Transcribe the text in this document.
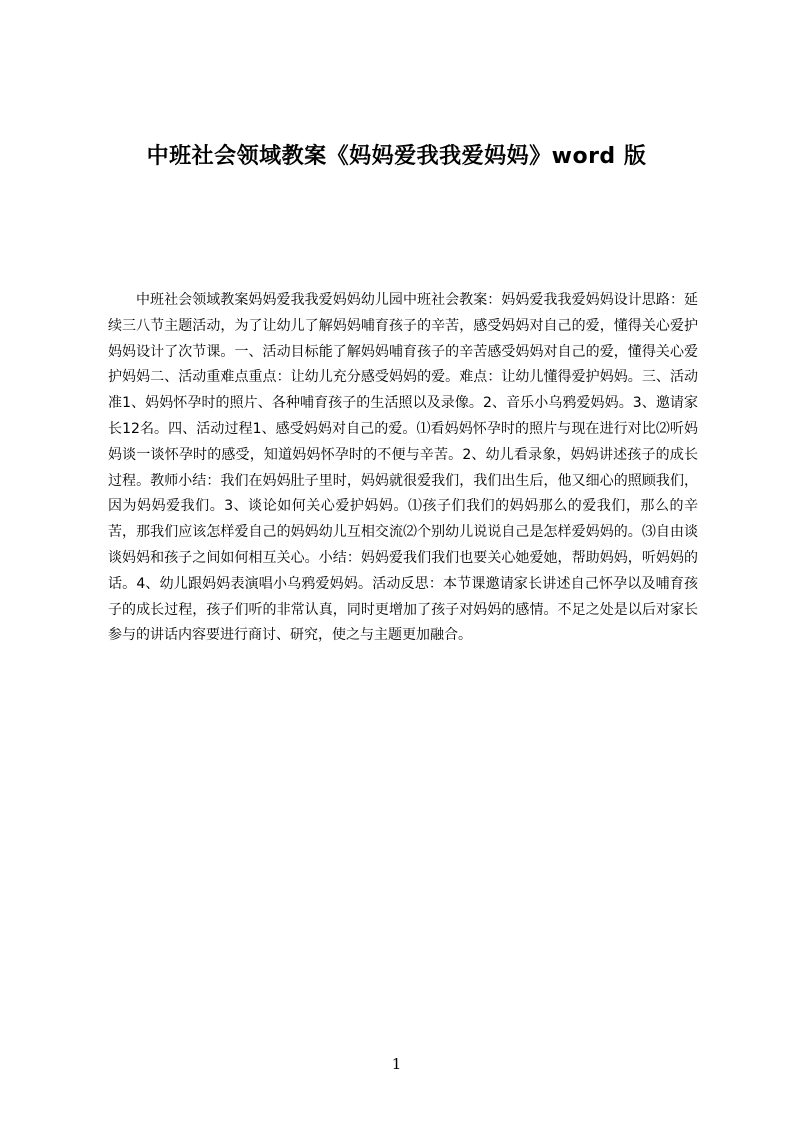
中班社会领域教案《妈妈爱我我爱妈妈》word 版
中班社会领域教案妈妈爱我我爱妈妈幼儿园中班社会教案：妈妈爱我我爱妈妈设计思路：延续三八节主题活动，为了让幼儿了解妈妈哺育孩子的辛苦，感受妈妈对自己的爱，懂得关心爱护妈妈设计了次节课。一、活动目标能了解妈妈哺育孩子的辛苦感受妈妈对自己的爱，懂得关心爱护妈妈二、活动重难点重点：让幼儿充分感受妈妈的爱。难点：让幼儿懂得爱护妈妈。三、活动准1、妈妈怀孕时的照片、各种哺育孩子的生活照以及录像。2、音乐小乌鸦爱妈妈。3、邀请家长12名。四、活动过程1、感受妈妈对自己的爱。⑴看妈妈怀孕时的照片与现在进行对比⑵听妈妈谈一谈怀孕时的感受，知道妈妈怀孕时的不便与辛苦。2、幼儿看录象，妈妈讲述孩子的成长过程。教师小结：我们在妈妈肚子里时，妈妈就很爱我们，我们出生后，他又细心的照顾我们，因为妈妈爱我们。3、谈论如何关心爱护妈妈。⑴孩子们我们的妈妈那么的爱我们，那么的辛苦，那我们应该怎样爱自己的妈妈幼儿互相交流⑵个别幼儿说说自己是怎样爱妈妈的。⑶自由谈谈妈妈和孩子之间如何相互关心。小结：妈妈爱我们我们也要关心她爱她，帮助妈妈，听妈妈的话。4、幼儿跟妈妈表演唱小乌鸦爱妈妈。活动反思：本节课邀请家长讲述自己怀孕以及哺育孩子的成长过程，孩子们听的非常认真，同时更增加了孩子对妈妈的感情。不足之处是以后对家长参与的讲话内容要进行商讨、研究，使之与主题更加融合。
1
